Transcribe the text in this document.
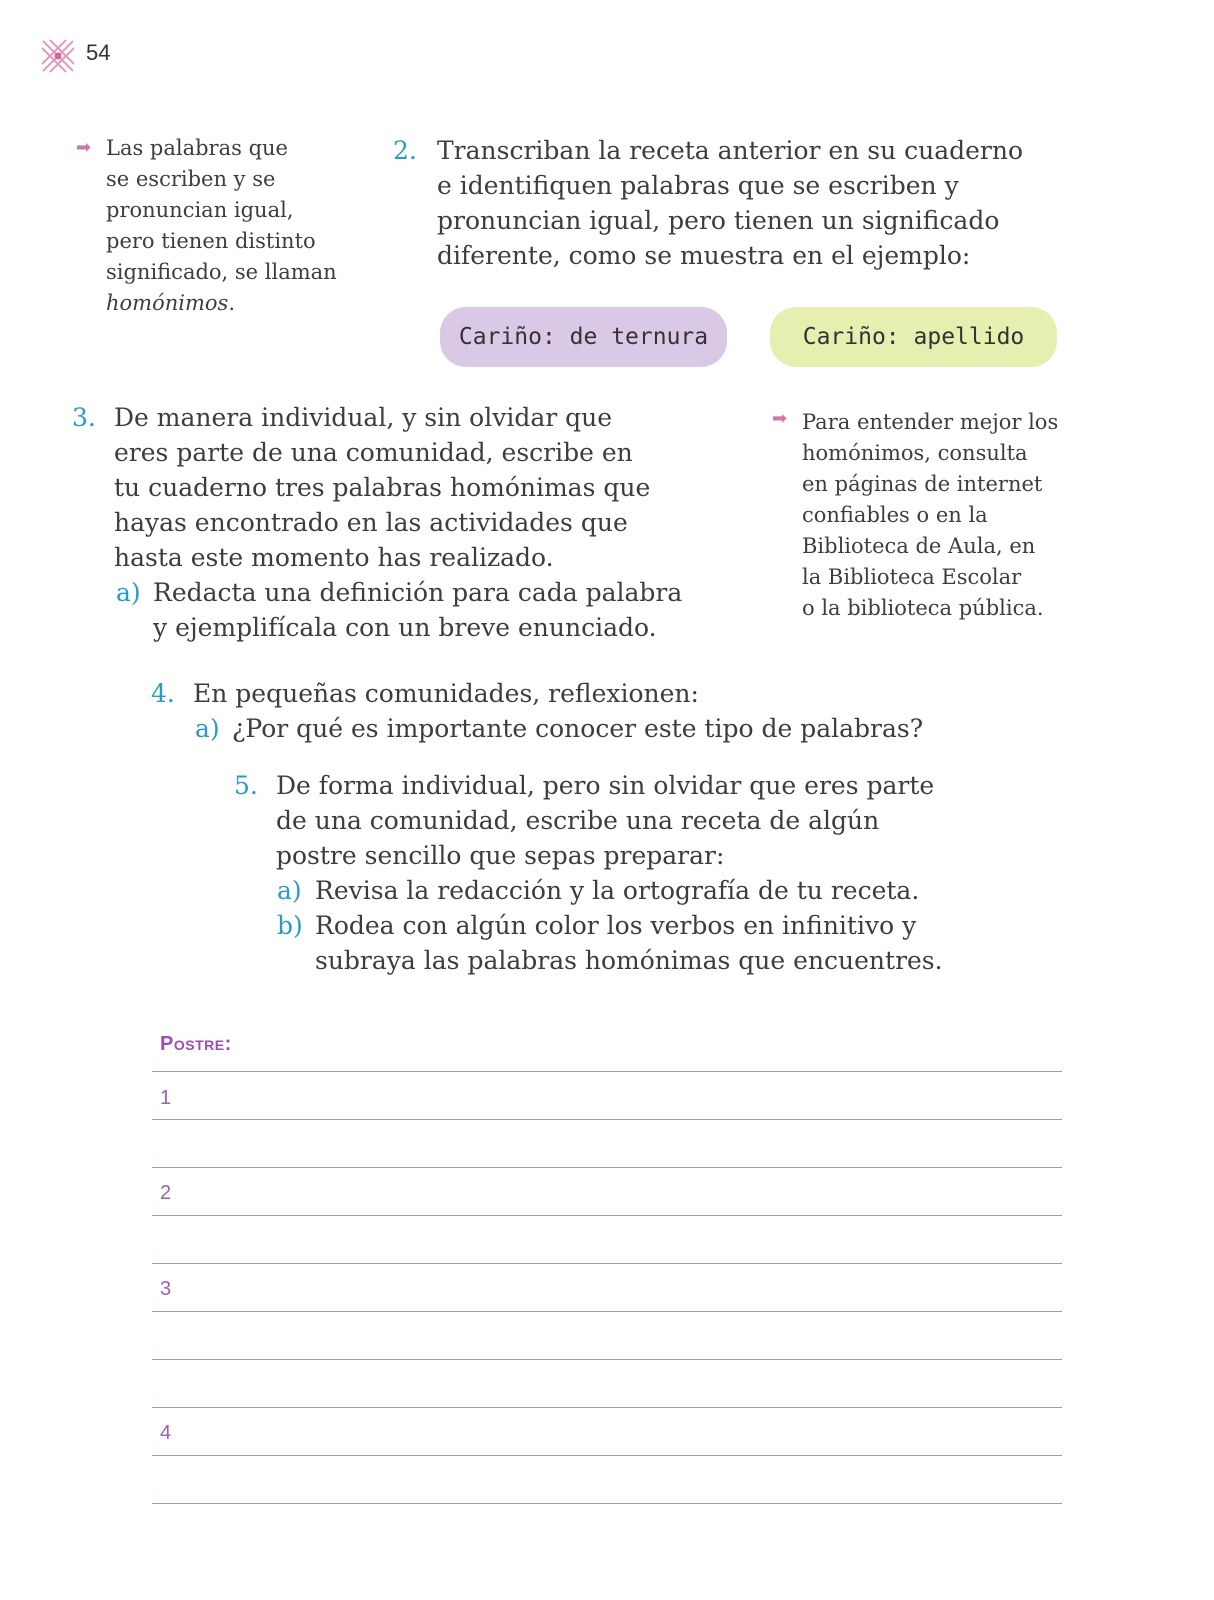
54
➡ Las palabras que
se escriben y se
pronuncian igual,
pero tienen distinto
significado, se llaman
homónimos.
2. Transcriban la receta anterior en su cuaderno
e identifiquen palabras que se escriben y
pronuncian igual, pero tienen un significado
diferente, como se muestra en el ejemplo:
Cariño: de ternura	Cariño: apellido
3. De manera individual, y sin olvidar que
eres parte de una comunidad, escribe en
tu cuaderno tres palabras homónimas que
hayas encontrado en las actividades que
hasta este momento has realizado.
a) Redacta una definición para cada palabra
y ejemplifícala con un breve enunciado.
➡ Para entender mejor los
homónimos, consulta
en páginas de internet
confiables o en la
Biblioteca de Aula, en
la Biblioteca Escolar
o la biblioteca pública.
4. En pequeñas comunidades, reflexionen:
a) ¿Por qué es importante conocer este tipo de palabras?
5. De forma individual, pero sin olvidar que eres parte
de una comunidad, escribe una receta de algún
postre sencillo que sepas preparar:
a) Revisa la redacción y la ortografía de tu receta.
b) Rodea con algún color los verbos en infinitivo y
subraya las palabras homónimas que encuentres.
Postre:
1
2
3
4
